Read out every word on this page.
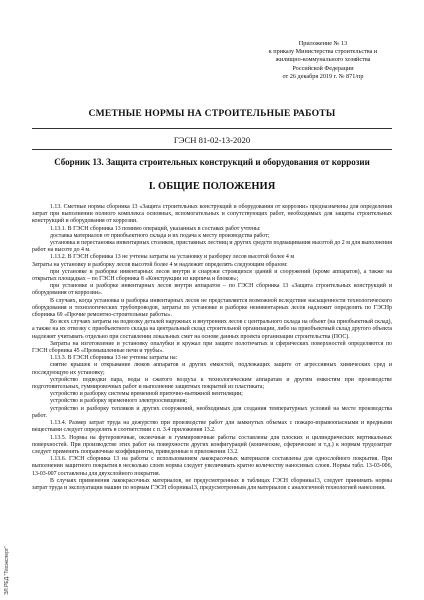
Приложение № 13
к приказу Министерства строительства и
жилищно-коммунального хозяйства
Российской Федерации
от 26 декабря 2019 г. № 871/пр
СМЕТНЫЕ НОРМЫ НА СТРОИТЕЛЬНЫЕ РАБОТЫ
ГЭСН 81-02-13-2020
Сборник 13. Защита строительных конструкций и оборудования от коррозии
I. ОБЩИЕ ПОЛОЖЕНИЯ

1.13. Сметные нормы сборника 13 «Защита строительных конструкций и оборудования от коррозии» предназначены для определения затрат при выполнении полного комплекса основных, вспомогательных и сопутствующих работ, необходимых для защиты строительных конструкций и оборудования от коррозии.

1.13.1. В ГЭСН сборника 13 помимо операций, указанных в составах работ учтены:

доставка материалов от приобъектного склада и их подача к месту производства работ;

установка и перестановка инвентарных столиков, приставных лестниц и других средств подмащивания высотой до 2 м для выполнения работ на высоте до 4 м.

1.13.2. В ГЭСН сборника 13 не учтены затраты на установку и разборку лесов высотой более 4 м

Затраты на установку и разборку лесов высотой более 4 м надлежит определять следующим образом:

при установке и разборке инвентарных лесов внутри и снаружи строящихся зданий и сооружений (кроме аппаратов), а также на открытых площадках – по ГЭСН сборника 8 «Конструкции из кирпича и блоков»;

при установке и разборке инвентарных лесов внутри аппаратов – по ГЭСН сборника 13 «Защита строительных конструкций и оборудования от коррозии».

В случаях, когда установка и разборка инвентарных лесов не представляется возможной вследствие насыщенности технологического оборудования и технологических трубопроводов, затраты по установке и разборке неинвентарных лесов надлежит определять по ГЭСНр сборника 69 «Прочие ремонтно-строительные работы».

Во всех случаях затраты на подвозку деталей наружных и внутренних лесов с центрального склада на объект (на приобъектный склад), а также на их отвозку с приобъектного склада на центральный склад строительной организации, либо на приобъектный склад другого объекта надлежит учитывать отдельно при составлении локальных смет на основе данных проекта организации строительства (ПОС).

Затраты на изготовление и установку опалубки и кружал при защите полотнчатых и сферических поверхностей определяются по ГЭСН сборника 45 «Промышленные печи и трубы».

1.13.3. В ГЭСН сборника 13 не учтены затраты на:

снятие крышек и открывание люков аппаратов и других емкостей, подлежащих защите от агрессивных химических сред и последующую их установку;

устройство подводки пара, воды и сжатого воздуха к технологическим аппаратам и другим емкостям при производстве подготовительных, гуммировочных работ и выполнение защитных покрытий из пластиката;

устройство и разборку системы временной приточно-вытяжной вентиляции;

устройство и разборку временного электроосвещения;

устройство и разборку тепляков и других сооружений, необходимых для создания температурных условий на месте производства работ.

1.13.4. Размер затрат труда на дежурство при производстве работ для замкнутых объемах с пожаро-взрывоопасными и вредными веществами следует определять в соответствии с п. 3.4 приложения 13.2.

1.13.5. Нормы на футеровочные, оклеечные и гуммировочные работы составлены для плоских и цилиндрических вертикальных поверхностей. При производстве этих работ на поверхности других конфигураций (конические, сферические и т.д.) к нормам трудозатрат следует применять поправочные коэффициенты, приведенные в приложении 13.2.

1.13.6. ГЭСН сборника 13 на работы с использованием лакокрасочных материалов составлены для однослойного покрытия. При выполнении защитного покрытия в несколько слоев нормы следует увеличивать кратно количеству наносимых слоев. Нормы табл. 13-03-006, 13-03-007 составлены для двухслойного покрытия.

В случаях применения лакокрасочных материалов, не предусмотренных в таблицах ГЭСН сборника13, следует принимать нормы затрат труда и эксплуатации машин по нормам ГЭСН сборника13, предусмотренным для материалов с аналогичной технологией нанесения.

ЭЛ.РЕД."Техэксперт"
